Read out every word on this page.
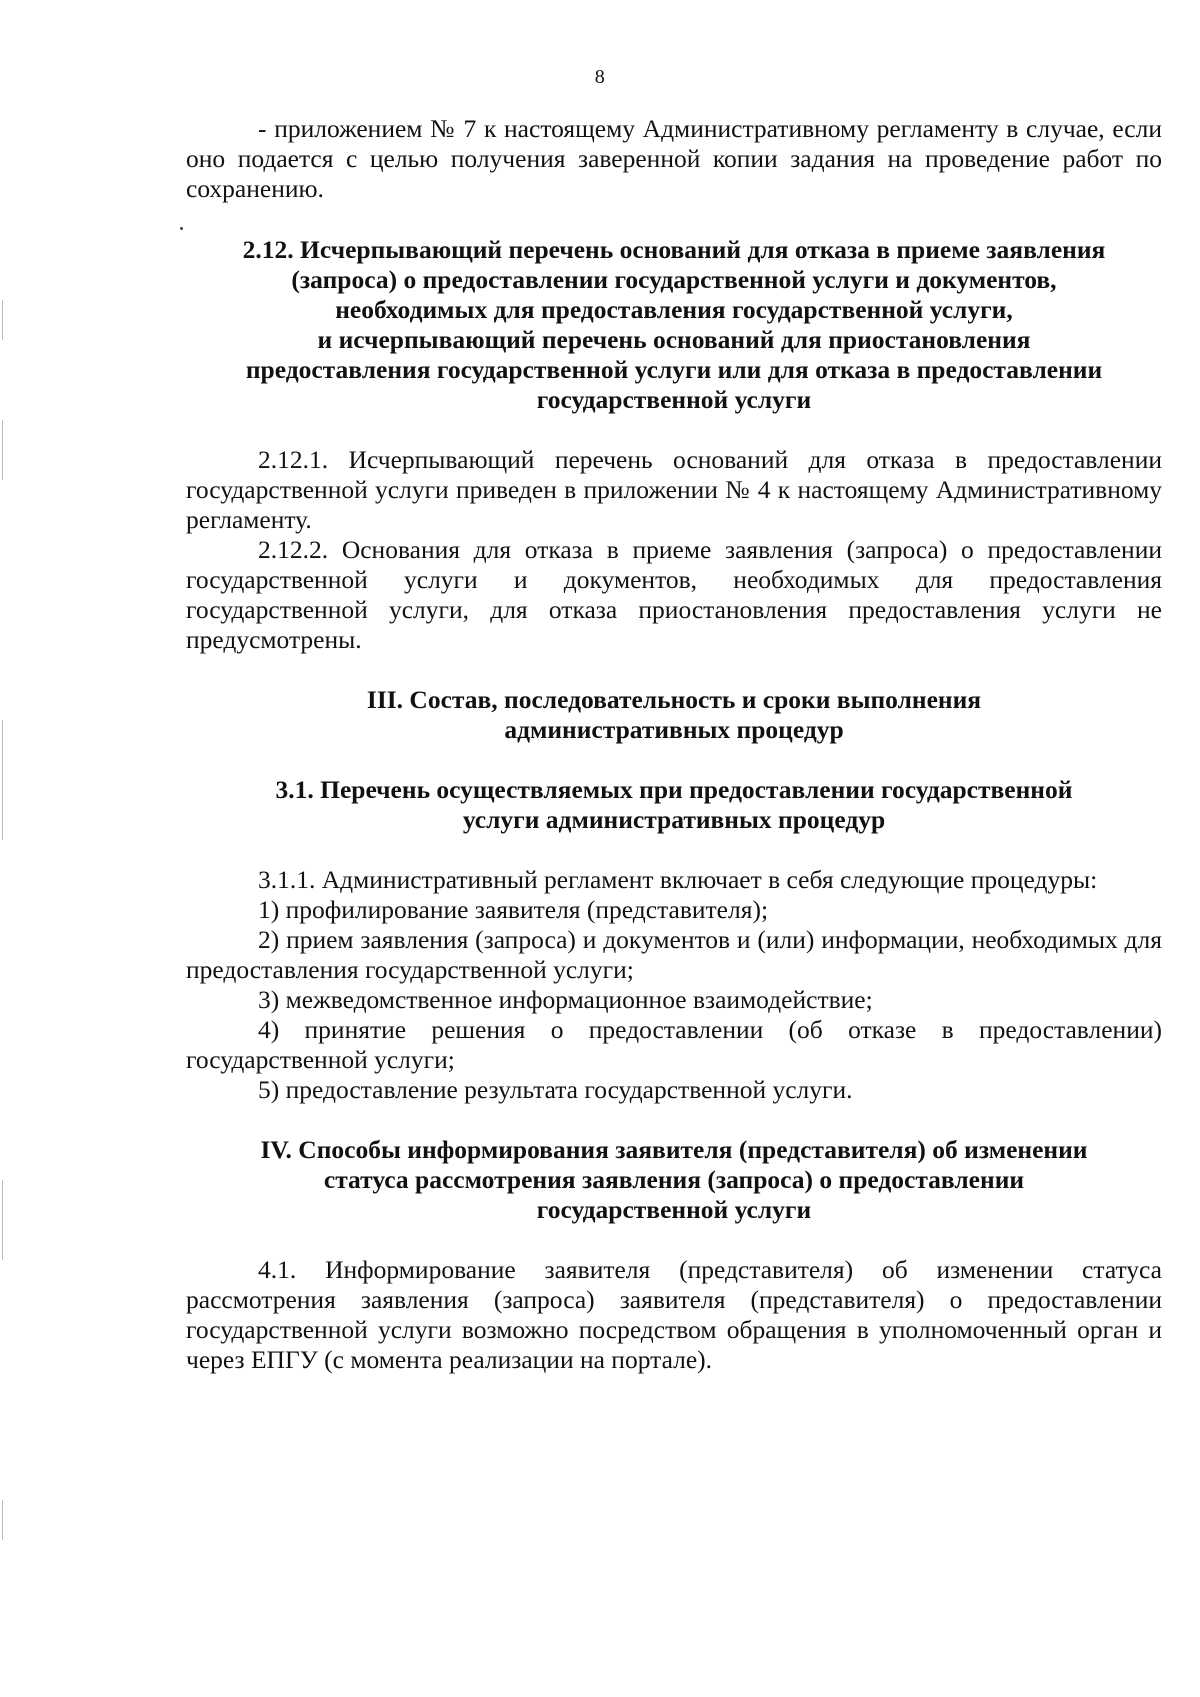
8

- приложением № 7 к настоящему Административному регламенту в случае, если оно подается с целью получения заверенной копии задания на проведение работ по сохранению.

2.12. Исчерпывающий перечень оснований для отказа в приеме заявления
(запроса) о предоставлении государственной услуги и документов,
необходимых для предоставления государственной услуги,
и исчерпывающий перечень оснований для приостановления
предоставления государственной услуги или для отказа в предоставлении
государственной услуги

2.12.1. Исчерпывающий перечень оснований для отказа в предоставлении государственной услуги приведен в приложении № 4 к настоящему Административному регламенту.

2.12.2. Основания для отказа в приеме заявления (запроса) о предоставлении государственной услуги и документов, необходимых для предоставления государственной услуги, для отказа приостановления предоставления услуги не предусмотрены.

III. Состав, последовательность и сроки выполнения
административных процедур
3.1. Перечень осуществляемых при предоставлении государственной
услуги административных процедур

3.1.1. Административный регламент включает в себя следующие процедуры:

1) профилирование заявителя (представителя);

2) прием заявления (запроса) и документов и (или) информации, необходимых для предоставления государственной услуги;

3) межведомственное информационное взаимодействие;

4) принятие решения о предоставлении (об отказе в предоставлении) государственной услуги;

5) предоставление результата государственной услуги.

IV. Способы информирования заявителя (представителя) об изменении
статуса рассмотрения заявления (запроса) о предоставлении
государственной услуги

4.1. Информирование заявителя (представителя) об изменении статуса рассмотрения заявления (запроса) заявителя (представителя) о предоставлении государственной услуги возможно посредством обращения в уполномоченный орган и через ЕПГУ (с момента реализации на портале).
